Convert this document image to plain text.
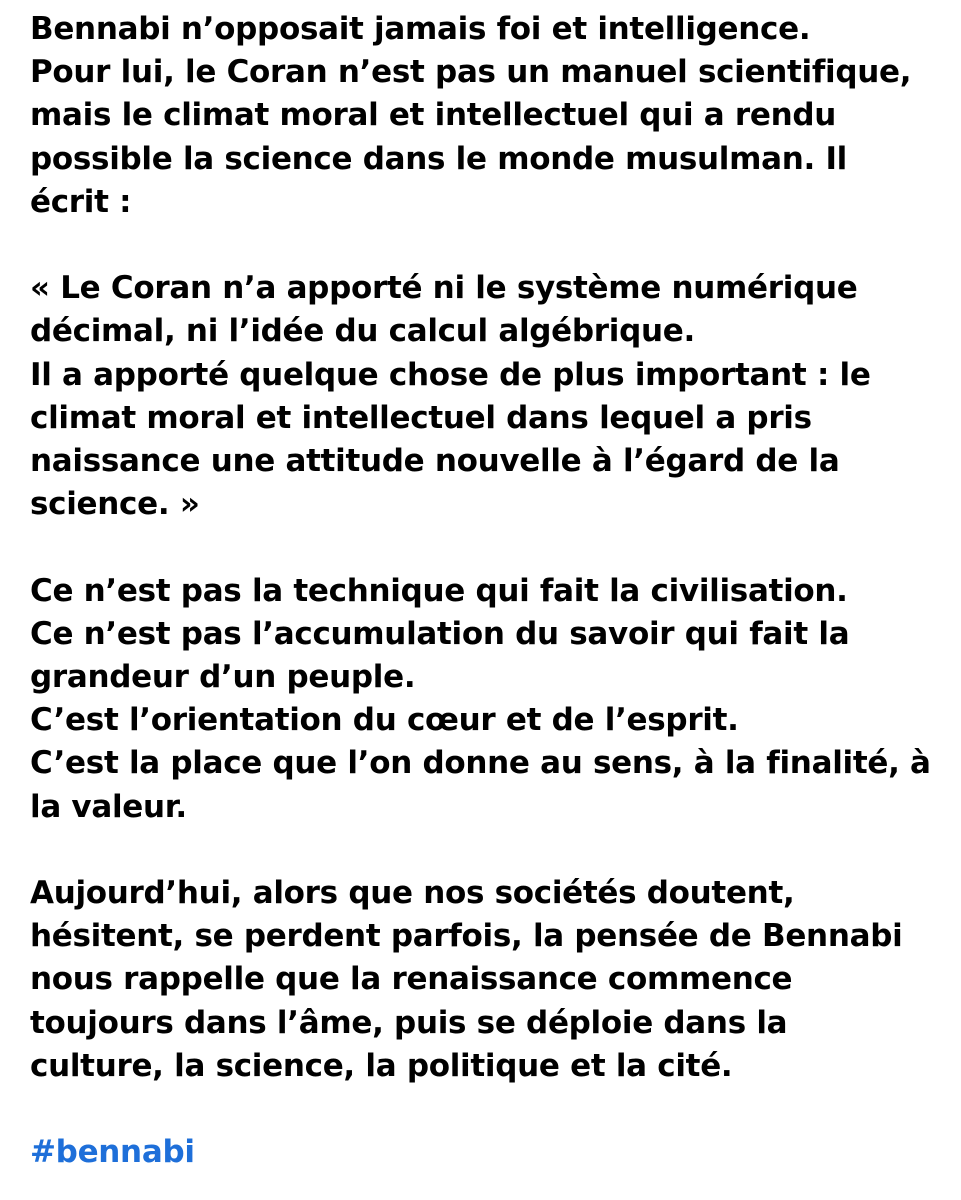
Bennabi n’opposait jamais foi et intelligence.
Pour lui, le Coran n’est pas un manuel scientifique,
mais le climat moral et intellectuel qui a rendu
possible la science dans le monde musulman. Il
écrit :
« Le Coran n’a apporté ni le système numérique
décimal, ni l’idée du calcul algébrique.
Il a apporté quelque chose de plus important : le
climat moral et intellectuel dans lequel a pris
naissance une attitude nouvelle à l’égard de la
science. »
Ce n’est pas la technique qui fait la civilisation.
Ce n’est pas l’accumulation du savoir qui fait la
grandeur d’un peuple.
C’est l’orientation du cœur et de l’esprit.
C’est la place que l’on donne au sens, à la finalité, à
la valeur.
Aujourd’hui, alors que nos sociétés doutent,
hésitent, se perdent parfois, la pensée de Bennabi
nous rappelle que la renaissance commence
toujours dans l’âme, puis se déploie dans la
culture, la science, la politique et la cité.
#bennabi
